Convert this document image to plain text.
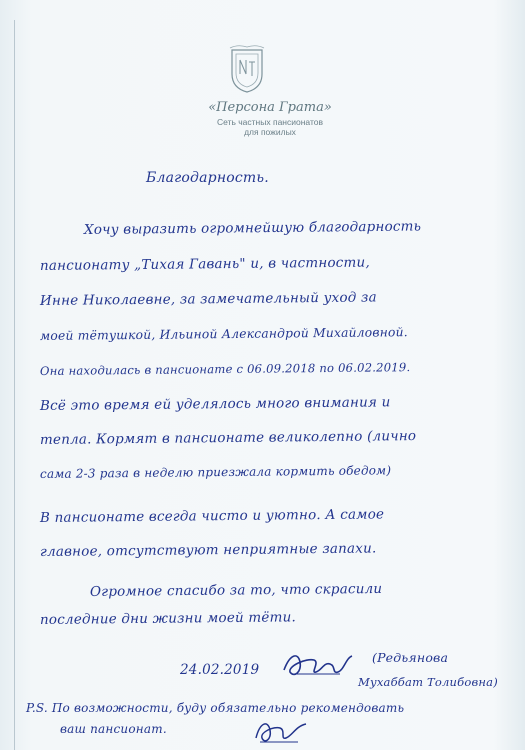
«Персона Грата»
Сеть частных пансионатов
для пожилых
Благодарность.
Хочу выразить огромнейшую благодарность
пансионату „Тихая Гавань" и, в частности,
Инне Николаевне, за замечательный уход за
моей тётушкой, Ильиной Александрой Михайловной.
Она находилась в пансионате с 06.09.2018 по 06.02.2019.
Всё это время ей уделялось много внимания и
тепла. Кормят в пансионате великолепно (лично
сама 2-3 раза в неделю приезжала кормить обедом)
В пансионате всегда чисто и уютно. А самое
главное, отсутствуют неприятные запахи.
Огромное спасибо за то, что скрасили
последние дни жизни моей тёти.
24.02.2019
(Редьянова
Мухаббат Толибовна)
P.S. По возможности, буду обязательно рекомендовать
ваш пансионат.
